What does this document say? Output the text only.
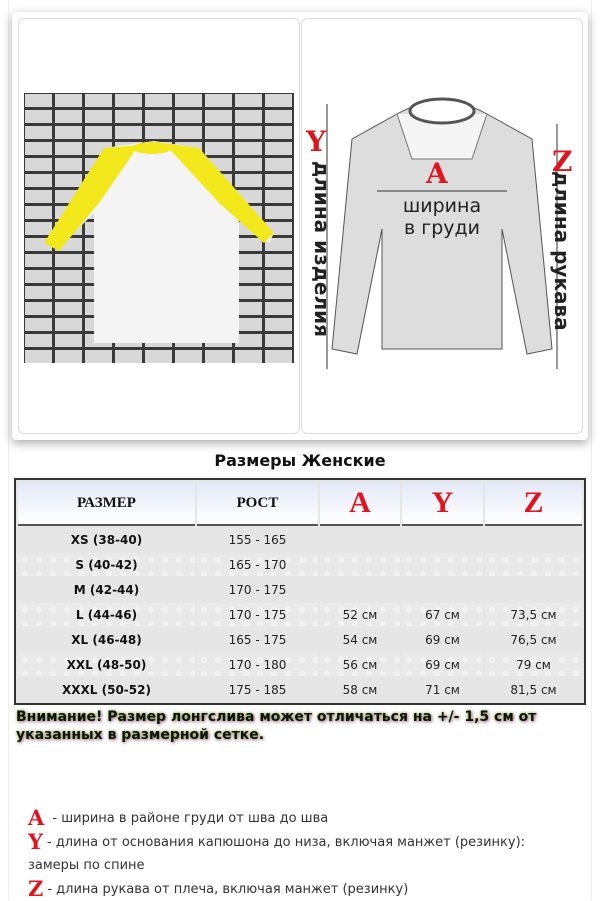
Y
длина изделия	A
ширина
в груди
Z
длина рукава
Размеры Женские
РАЗМЕР	РОСТ	A	Y	Z
XS (38-40)	155 - 165			
S (40-42)	165 - 170			
M (42-44)	170 - 175			
L (44-46)	170 - 175	52 см	67 см	73,5 см
XL (46-48)	165 - 175	54 см	69 см	76,5 см
XXL (48-50)	170 - 180	56 см	69 см	79 см
XXXL (50-52)	175 - 185	58 см	71 см	81,5 см
Внимание! Размер лонгслива может отличаться на +/- 1,5 см от указанных в размерной сетке.
A - ширина в районе груди от шва до шва
Y - длина от основания капюшона до низа, включая манжет (резинку): замеры по спине
Z - длина рукава от плеча, включая манжет (резинку)
